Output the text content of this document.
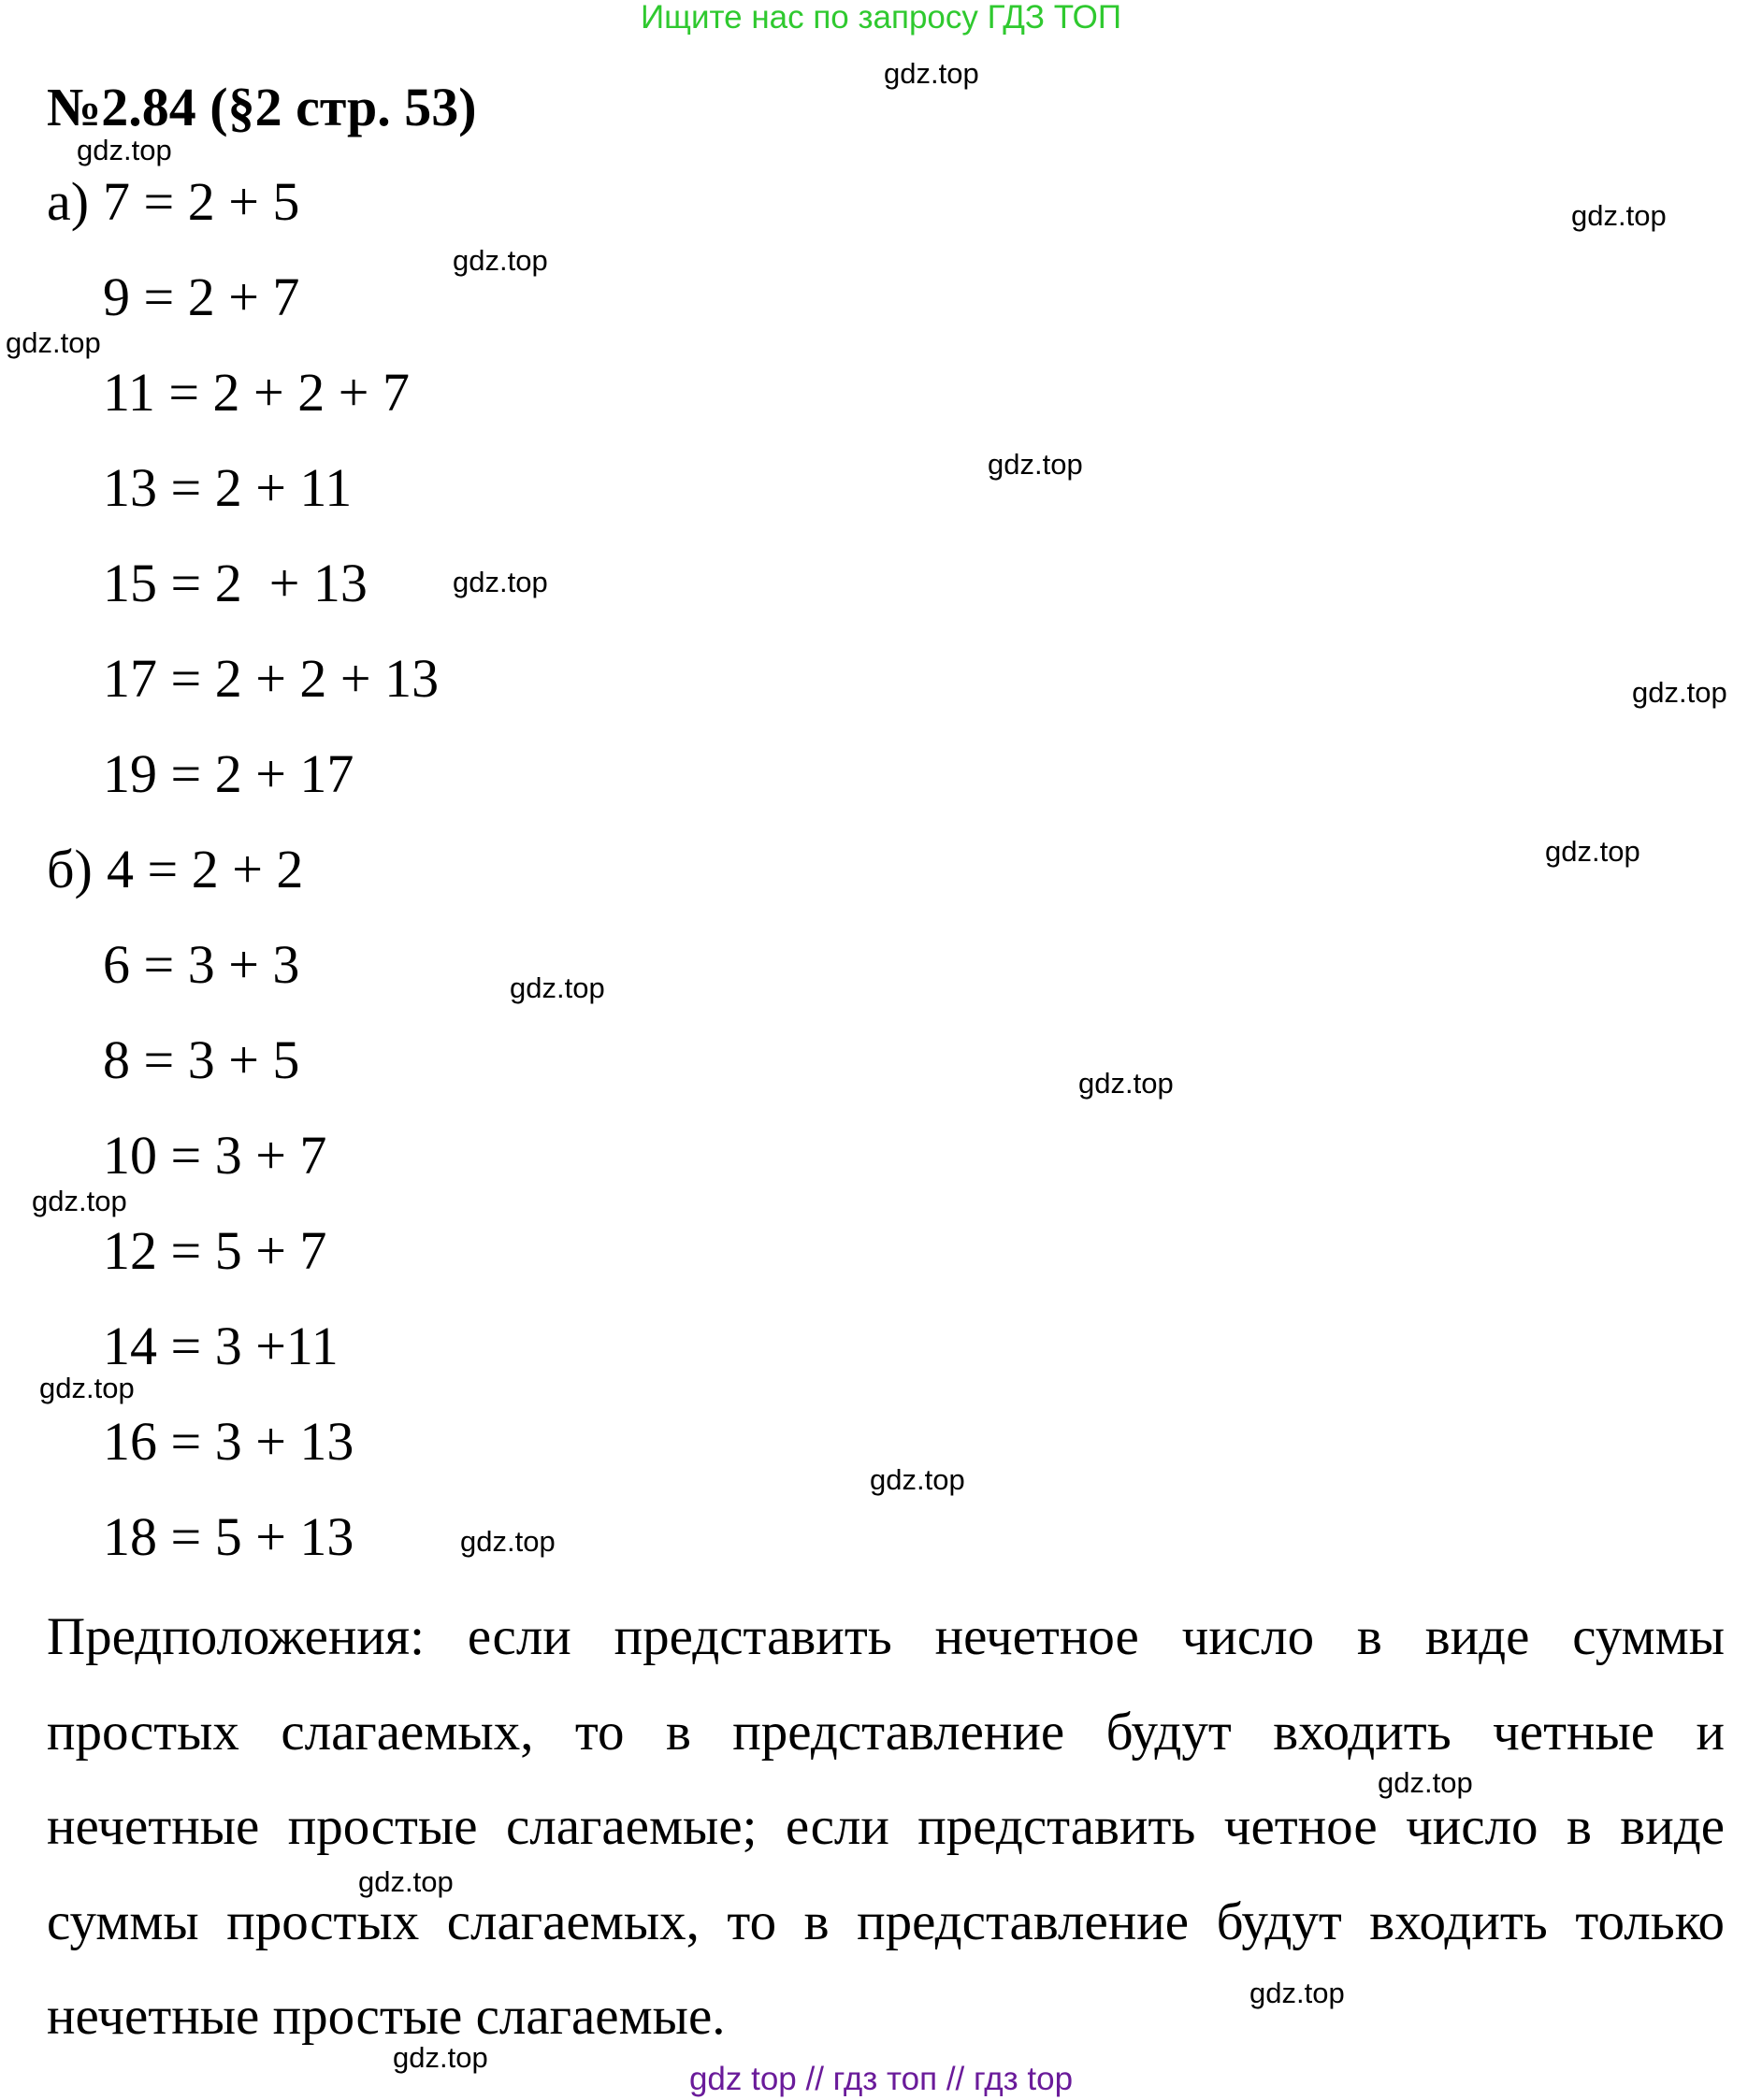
Ищите нас по запросу ГДЗ ТОП
№2.84 (§2 стр. 53)
а) 7 = 2 + 5
9 = 2 + 7
11 = 2 + 2 + 7
13 = 2 + 11
15 = 2  + 13
17 = 2 + 2 + 13
19 = 2 + 17
б) 4 = 2 + 2
6 = 3 + 3
8 = 3 + 5
10 = 3 + 7
12 = 5 + 7
14 = 3 +11
16 = 3 + 13
18 = 5 + 13
Предположения: если представить нечетное число в виде суммы
простых слагаемых, то в представление будут входить четные и
нечетные простые слагаемые; если представить четное число в виде
суммы простых слагаемых, то в представление будут входить только
нечетные простые слагаемые.
gdz.top
gdz.top
gdz.top
gdz.top
gdz.top
gdz.top
gdz.top
gdz.top
gdz.top
gdz.top
gdz.top
gdz.top
gdz.top
gdz.top
gdz.top
gdz.top
gdz.top
gdz.top
gdz.top
gdz top // гдз топ // гдз top
